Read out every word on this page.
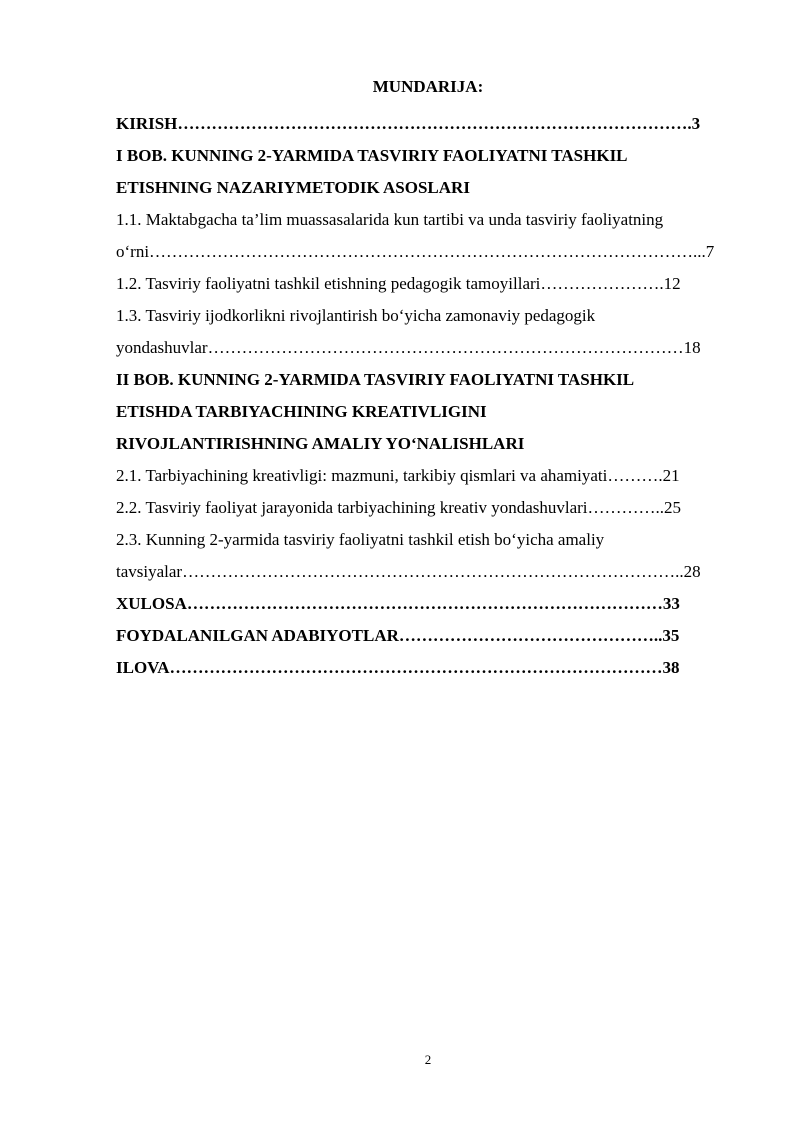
MUNDARIJA:
KIRISH……………………………………………………………………………….3
I BOB. KUNNING 2-YARMIDA TASVIRIY FAOLIYATNI TASHKIL
ETISHNING NAZARIYMETODIK ASOSLARI
1.1. Maktabgacha ta’lim muassasalarida kun tartibi va unda tasviriy faoliyatning
o‘rni……………………………………………………………………………………...7
1.2. Tasviriy faoliyatni tashkil etishning pedagogik tamoyillari………………….12
1.3. Tasviriy ijodkorlikni rivojlantirish bo‘yicha zamonaviy pedagogik
yondashuvlar…………………………………………………………………………18
II BOB. KUNNING 2-YARMIDA TASVIRIY FAOLIYATNI TASHKIL
ETISHDA TARBIYACHINING KREATIVLIGINI
RIVOJLANTIRISHNING AMALIY YO‘NALISHLARI
2.1. Tarbiyachining kreativligi: mazmuni, tarkibiy qismlari va ahamiyati……….21
2.2. Tasviriy faoliyat jarayonida tarbiyachining kreativ yondashuvlari…………..25
2.3. Kunning 2-yarmida tasviriy faoliyatni tashkil etish bo‘yicha amaliy
tavsiyalar……………………………………………………………………………..28
XULOSA…………………………………………………………………………33
FOYDALANILGAN ADABIYOTLAR………………………………………..35
ILOVA……………………………………………………………………………38
2
